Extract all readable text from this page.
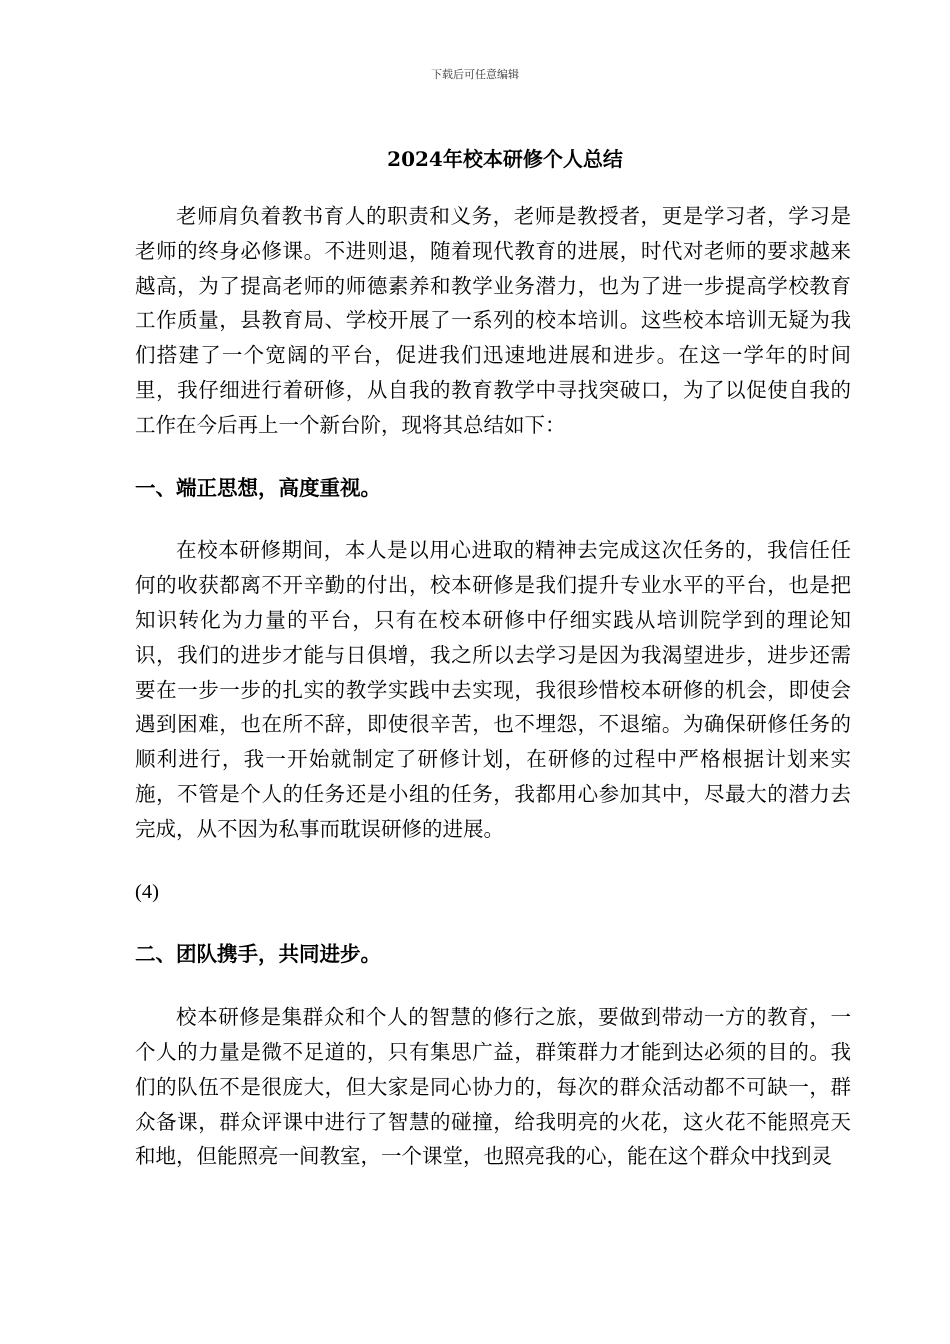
下载后可任意编辑
2024年校本研修个人总结

老师肩负着教书育人的职责和义务，老师是教授者，更是学习者，学习是老师的终身必修课。不进则退，随着现代教育的进展，时代对老师的要求越来越高，为了提高老师的师德素养和教学业务潜力，也为了进一步提高学校教育工作质量，县教育局、学校开展了一系列的校本培训。这些校本培训无疑为我们搭建了一个宽阔的平台，促进我们迅速地进展和进步。在这一学年的时间里，我仔细进行着研修，从自我的教育教学中寻找突破口，为了以促使自我的工作在今后再上一个新台阶，现将其总结如下：

一、端正思想，高度重视。

在校本研修期间，本人是以用心进取的精神去完成这次任务的，我信任任何的收获都离不开辛勤的付出，校本研修是我们提升专业水平的平台，也是把知识转化为力量的平台，只有在校本研修中仔细实践从培训院学到的理论知识，我们的进步才能与日俱增，我之所以去学习是因为我渴望进步，进步还需要在一步一步的扎实的教学实践中去实现，我很珍惜校本研修的机会，即使会遇到困难，也在所不辞，即使很辛苦，也不埋怨，不退缩。为确保研修任务的顺利进行，我一开始就制定了研修计划，在研修的过程中严格根据计划来实施，不管是个人的任务还是小组的任务，我都用心参加其中，尽最大的潜力去完成，从不因为私事而耽误研修的进展。

(4)

二、团队携手，共同进步。

校本研修是集群众和个人的智慧的修行之旅，要做到带动一方的教育，一个人的力量是微不足道的，只有集思广益，群策群力才能到达必须的目的。我们的队伍不是很庞大，但大家是同心协力的，每次的群众活动都不可缺一，群众备课，群众评课中进行了智慧的碰撞，给我明亮的火花，这火花不能照亮天和地，但能照亮一间教室，一个课堂，也照亮我的心，能在这个群众中找到灵
